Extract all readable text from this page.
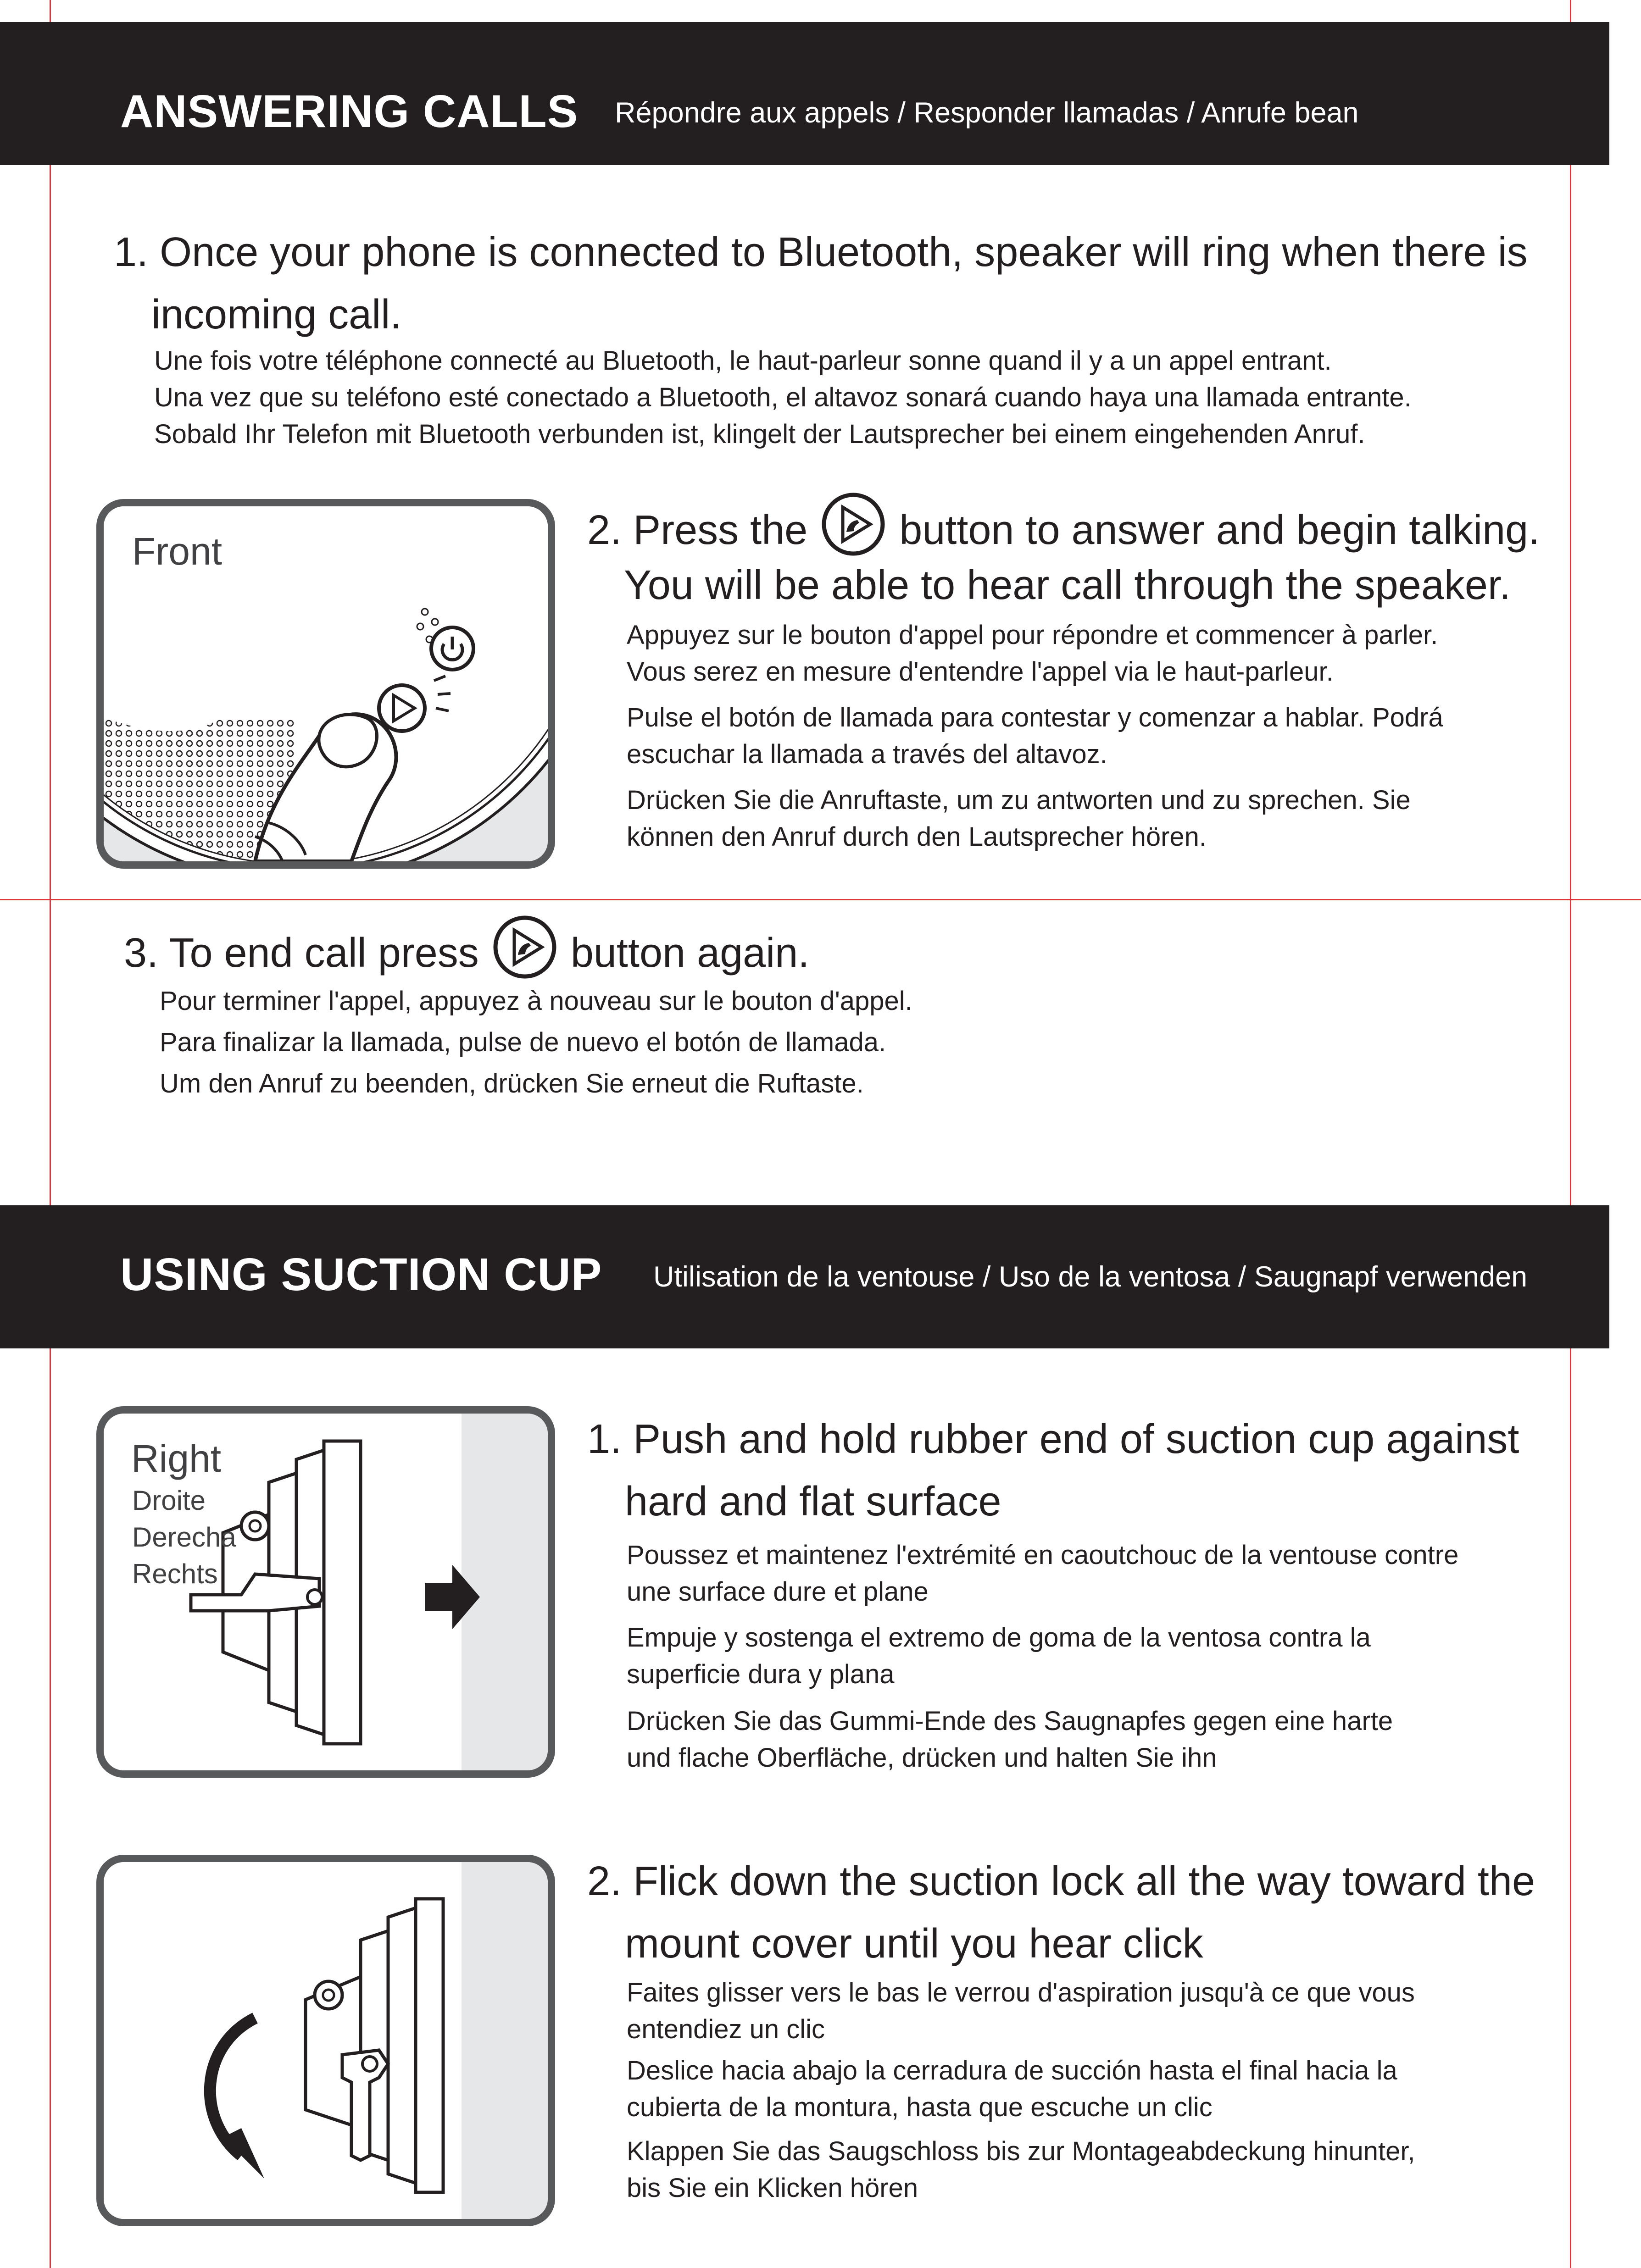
ANSWERING CALLS Répondre aux appels / Responder llamadas / Anrufe bean
1. Once your phone is connected to Bluetooth, speaker will ring when there is
incoming call.
Une fois votre téléphone connecté au Bluetooth, le haut-parleur sonne quand il y a un appel entrant.
Una vez que su teléfono esté conectado a Bluetooth, el altavoz sonará cuando haya una llamada entrante.
Sobald Ihr Telefon mit Bluetooth verbunden ist, klingelt der Lautsprecher bei einem eingehenden Anruf.
Front	2. Press the button to answer and begin talking.
You will be able to hear call through the speaker.
Appuyez sur le bouton d'appel pour répondre et commencer à parler.
Vous serez en mesure d'entendre l'appel via le haut-parleur.
Pulse el botón de llamada para contestar y comenzar a hablar. Podrá
escuchar la llamada a través del altavoz.
Drücken Sie die Anruftaste, um zu antworten und zu sprechen. Sie
können den Anruf durch den Lautsprecher hören.
3. To end call press button again.
Pour terminer l'appel, appuyez à nouveau sur le bouton d'appel.
Para finalizar la llamada, pulse de nuevo el botón de llamada.
Um den Anruf zu beenden, drücken Sie erneut die Ruftaste.
USING SUCTION CUP Utilisation de la ventouse / Uso de la ventosa / Saugnapf verwenden
Right
Droite
Derecha
Rechts
1. Push and hold rubber end of suction cup against
hard and flat surface
Poussez et maintenez l'extrémité en caoutchouc de la ventouse contre
une surface dure et plane
Empuje y sostenga el extremo de goma de la ventosa contra la
superficie dura y plana
Drücken Sie das Gummi-Ende des Saugnapfes gegen eine harte
und flache Oberfläche, drücken und halten Sie ihn
2. Flick down the suction lock all the way toward the
mount cover until you hear click
Faites glisser vers le bas le verrou d'aspiration jusqu'à ce que vous
entendiez un clic
Deslice hacia abajo la cerradura de succión hasta el final hacia la
cubierta de la montura, hasta que escuche un clic
Klappen Sie das Saugschloss bis zur Montageabdeckung hinunter,
bis Sie ein Klicken hören
